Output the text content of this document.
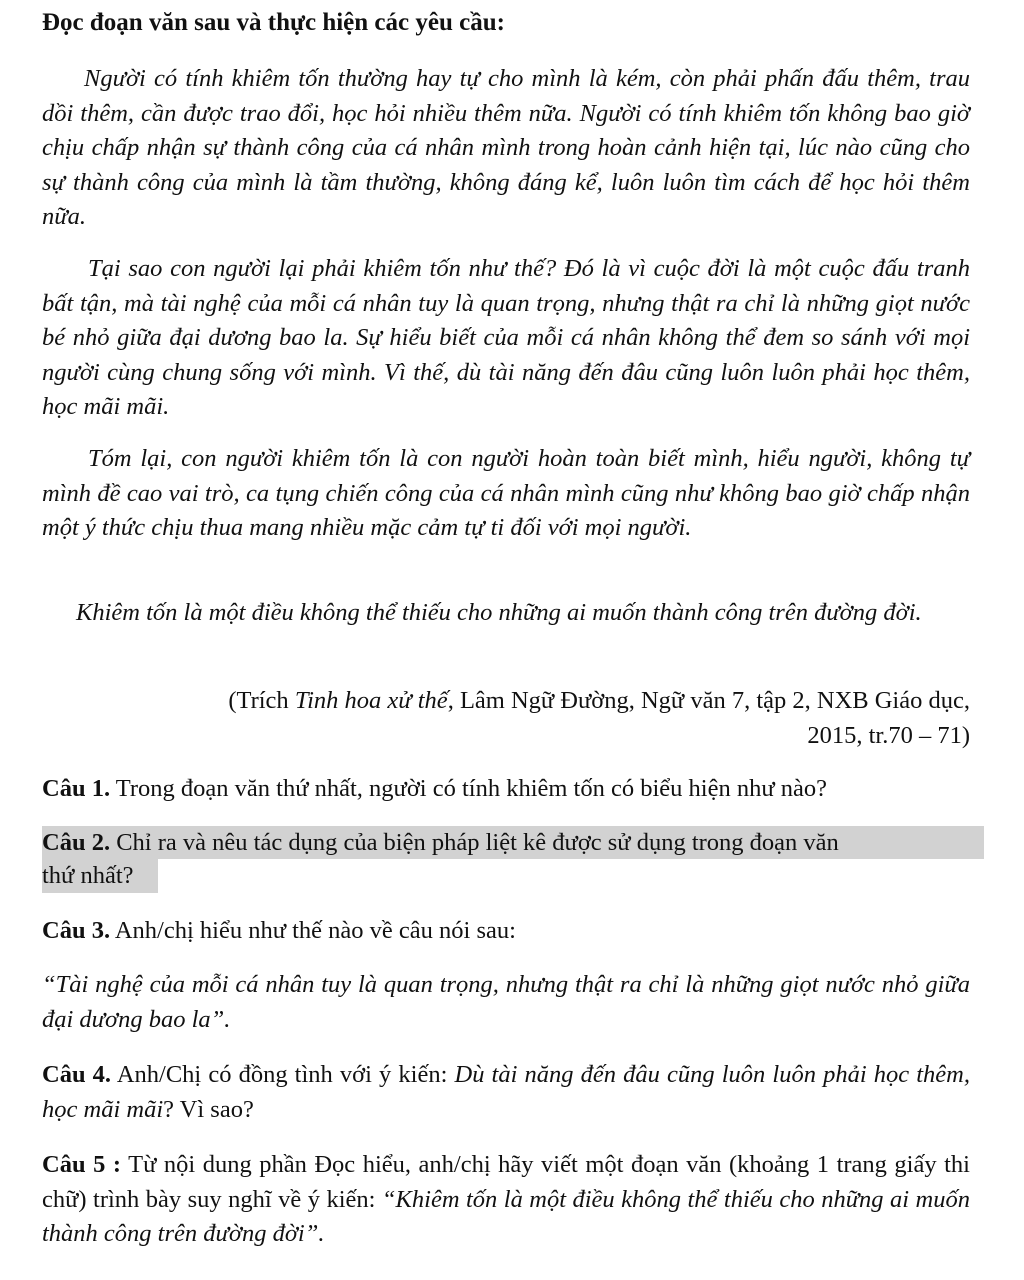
Đọc đoạn văn sau và thực hiện các yêu cầu:

Người có tính khiêm tốn thường hay tự cho mình là kém, còn phải phấn đấu thêm, trau dồi thêm, cần được trao đổi, học hỏi nhiều thêm nữa. Người có tính khiêm tốn không bao giờ chịu chấp nhận sự thành công của cá nhân mình trong hoàn cảnh hiện tại, lúc nào cũng cho sự thành công của mình là tầm thường, không đáng kể, luôn luôn tìm cách để học hỏi thêm nữa.

Tại sao con người lại phải khiêm tốn như thế? Đó là vì cuộc đời là một cuộc đấu tranh bất tận, mà tài nghệ của mỗi cá nhân tuy là quan trọng, nhưng thật ra chỉ là những giọt nước bé nhỏ giữa đại dương bao la. Sự hiểu biết của mỗi cá nhân không thể đem so sánh với mọi người cùng chung sống với mình. Vì thế, dù tài năng đến đâu cũng luôn luôn phải học thêm, học mãi mãi.

Tóm lại, con người khiêm tốn là con người hoàn toàn biết mình, hiểu người, không tự mình đề cao vai trò, ca tụng chiến công của cá nhân mình cũng như không bao giờ chấp nhận một ý thức chịu thua mang nhiều mặc cảm tự ti đối với mọi người.

Khiêm tốn là một điều không thể thiếu cho những ai muốn thành công trên đường đời.

(Trích Tinh hoa xử thế, Lâm Ngữ Đường, Ngữ văn 7, tập 2, NXB Giáo dục,
2015, tr.70 – 71)
Câu 1. Trong đoạn văn thứ nhất, người có tính khiêm tốn có biểu hiện như nào?
Câu 2. Chỉ ra và nêu tác dụng của biện pháp liệt kê được sử dụng trong đoạn văn
thứ nhất?
Câu 3. Anh/chị hiểu như thế nào về câu nói sau:
“Tài nghệ của mỗi cá nhân tuy là quan trọng, nhưng thật ra chỉ là những giọt nước nhỏ giữa đại dương bao la”.
Câu 4. Anh/Chị có đồng tình với ý kiến: Dù tài năng đến đâu cũng luôn luôn phải học thêm, học mãi mãi? Vì sao?
Câu 5 : Từ nội dung phần Đọc hiểu, anh/chị hãy viết một đoạn văn (khoảng 1 trang giấy thi chữ) trình bày suy nghĩ về ý kiến: “Khiêm tốn là một điều không thể thiếu cho những ai muốn thành công trên đường đời”.
